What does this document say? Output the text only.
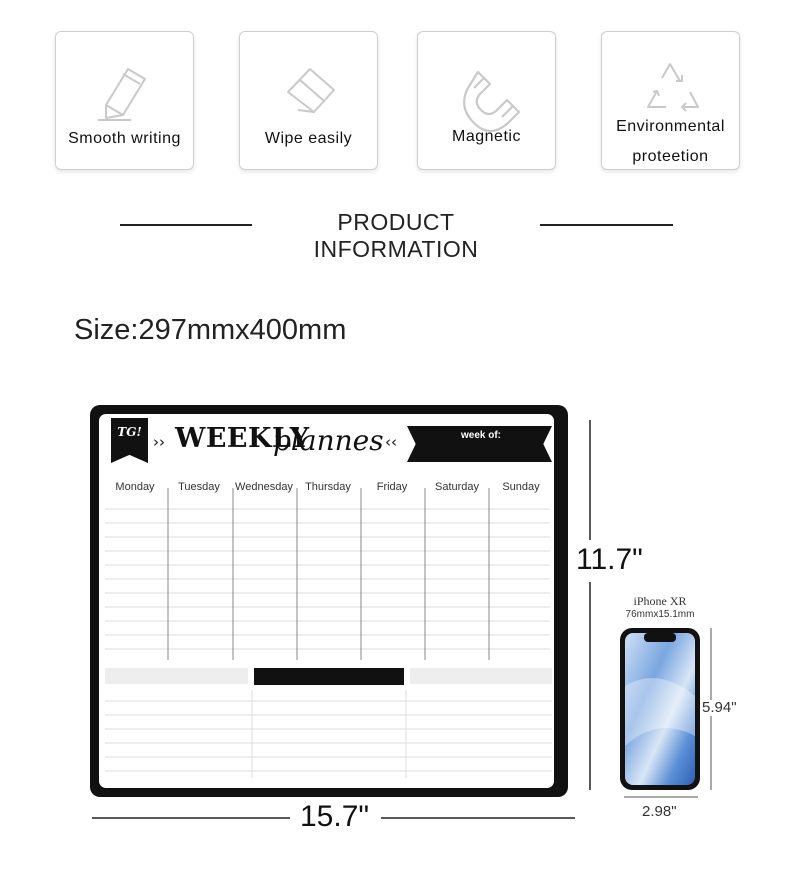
Smooth writing	Wipe easily	Magnetic
Environmental
proteetion
PRODUCT INFORMATION
Size:297mmx400mm
TG!
›› WEEKLY
plannes ‹‹	week of:
Monday	Tuesday	Wednesday	Thursday	Friday	Saturday	Sunday
11.7"
15.7"
iPhone XR
76mmx15.1mm
5.94"
2.98"
